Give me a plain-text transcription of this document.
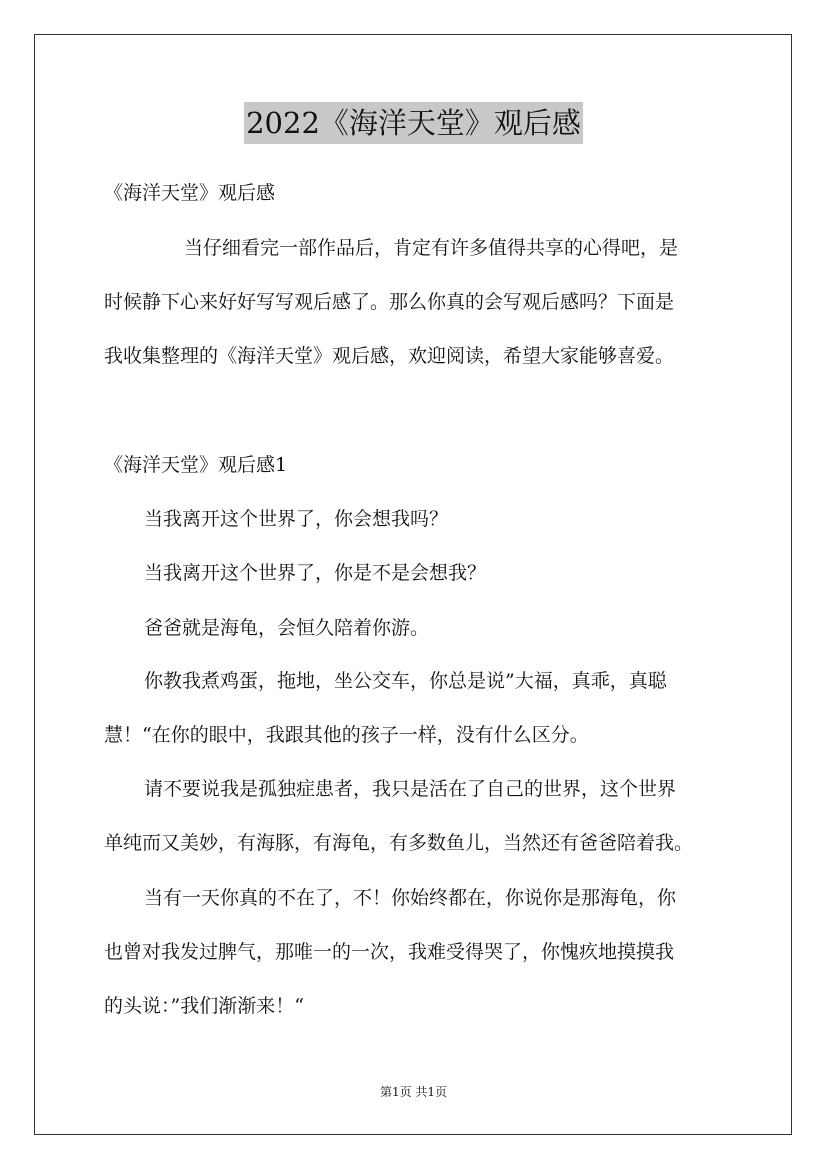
2022《海洋天堂》观后感
《海洋天堂》观后感
当仔细看完一部作品后，肯定有许多值得共享的心得吧，是
时候静下心来好好写写观后感了。那么你真的会写观后感吗？下面是
我收集整理的《海洋天堂》观后感，欢迎阅读，希望大家能够喜爱。
《海洋天堂》观后感1
当我离开这个世界了，你会想我吗？
当我离开这个世界了，你是不是会想我？
爸爸就是海龟，会恒久陪着你游。
你教我煮鸡蛋，拖地，坐公交车，你总是说”大福，真乖，真聪
慧！“在你的眼中，我跟其他的孩子一样，没有什么区分。
请不要说我是孤独症患者，我只是活在了自己的世界，这个世界
单纯而又美妙，有海豚，有海龟，有多数鱼儿，当然还有爸爸陪着我。
当有一天你真的不在了，不！你始终都在，你说你是那海龟，你
也曾对我发过脾气，那唯一的一次，我难受得哭了，你愧疚地摸摸我
的头说：”我们渐渐来！“
第1页 共1页
